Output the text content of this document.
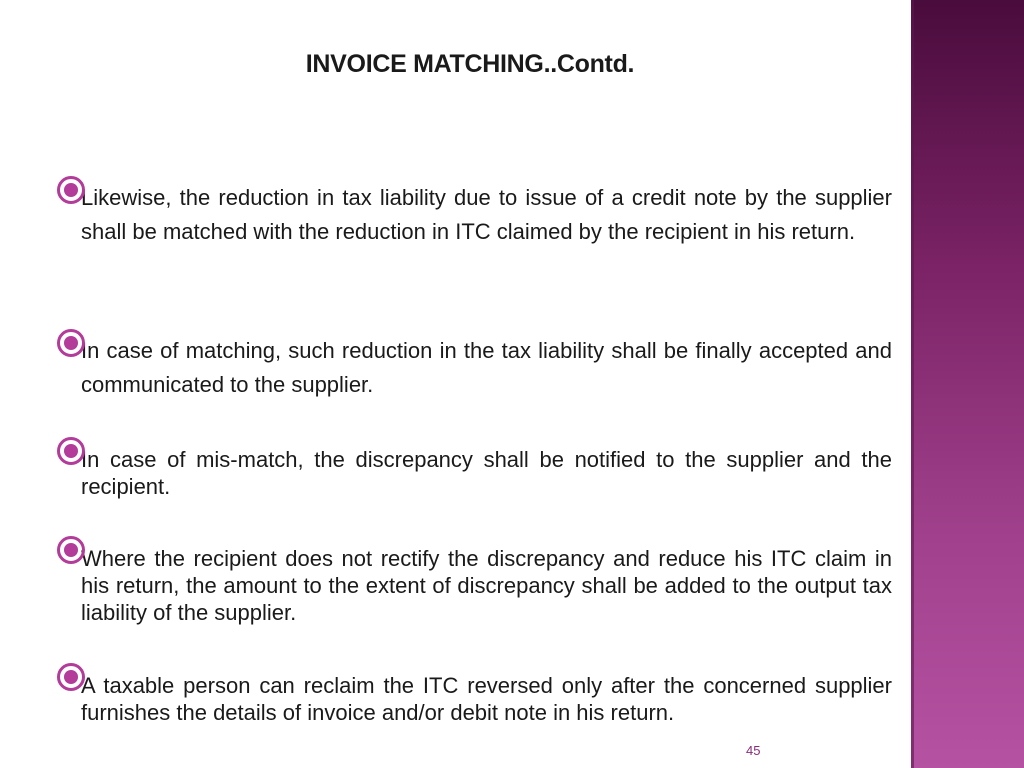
INVOICE MATCHING..Contd.
Likewise, the reduction in tax liability due to issue of a credit note by the supplier shall be matched with the reduction in ITC claimed by the recipient in his return.
In case of matching, such reduction in the tax liability shall be finally accepted and communicated to the supplier.
In case of mis-match, the discrepancy shall be notified to the supplier and the recipient.
Where the recipient does not rectify the discrepancy and reduce his ITC claim in his return, the amount to the extent of discrepancy shall be added to the output tax liability of the supplier.
A taxable person can reclaim the ITC reversed only after the concerned supplier furnishes the details of invoice and/or debit note in his return.
45
